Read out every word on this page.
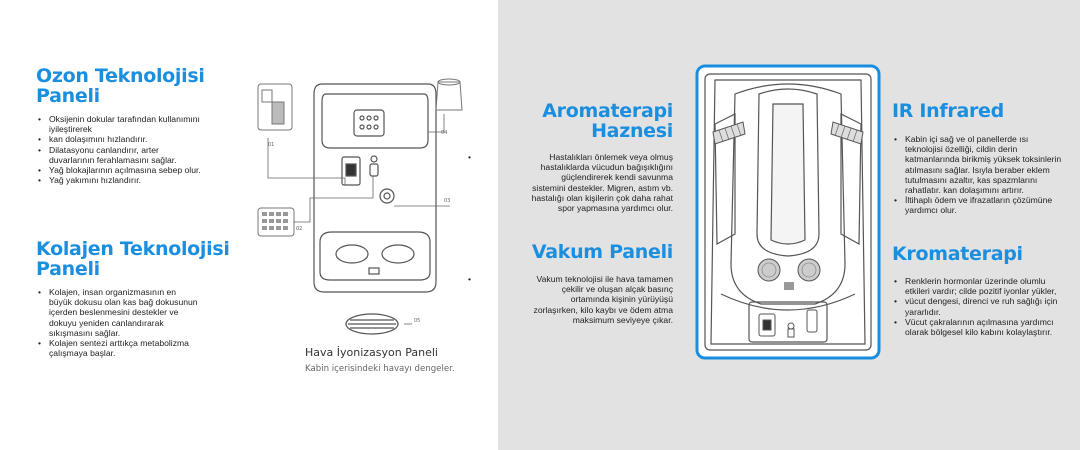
Ozon Teknolojisi Paneli
• Oksijenin dokular tarafından kullanımını iyileştirerek
• kan dolaşımını hızlandırır.
• Dilatasyonu canlandırır, arter duvarlarının ferahlamasını sağlar.
• Yağ blokajlarının açılmasına sebep olur.
• Yağ yakımını hızlandırır.
Kolajen Teknolojisi Paneli
• Kolajen, insan organizmasının en büyük dokusu olan kas bağ dokusunun içerden beslenmesini destekler ve dokuyu yeniden canlandırarak sıkışmasını sağlar.
• Kolajen sentezi arttıkça metabolizma çalışmaya başlar.
01
04
02
03
05
Hava İyonizasyon Paneli
Kabin içerisindeki havayı dengeler.
Aromaterapi Haznesi
• Hastalıkları önlemek veya olmuş hastalıklarda vücudun bağışıklığını güçlendirerek kendi savunma sistemini destekler. Migren, astım vb. hastalığı olan kişilerin çok daha rahat spor yapmasına yardımcı olur.
Vakum Paneli
• Vakum teknolojisi ile hava tamamen çekilir ve oluşan alçak basınç ortamında kişinin yürüyüşü zorlaşırken, kilo kaybı ve ödem atma maksimum seviyeye çıkar.
IR Infrared
• Kabin içi sağ ve ol panellerde ısı teknolojisi özelliği, cildin derin katmanlarında birikmiş yüksek toksinlerin atılmasını sağlar. Isıyla beraber eklem tutulmasını azaltır, kas spazmlarını rahatlatır. kan dolaşımını artırır.
• İltihaplı ödem ve ifrazatların çözümüne yardımcı olur.
Kromaterapi
• Renklerin hormonlar üzerinde olumlu etkileri vardır; cilde pozitif iyonlar yükler,
• vücut dengesi, direnci ve ruh sağlığı için yararlıdır.
• Vücut çakralarının açılmasına yardımcı olarak bölgesel kilo kabını kolaylaştırır.
